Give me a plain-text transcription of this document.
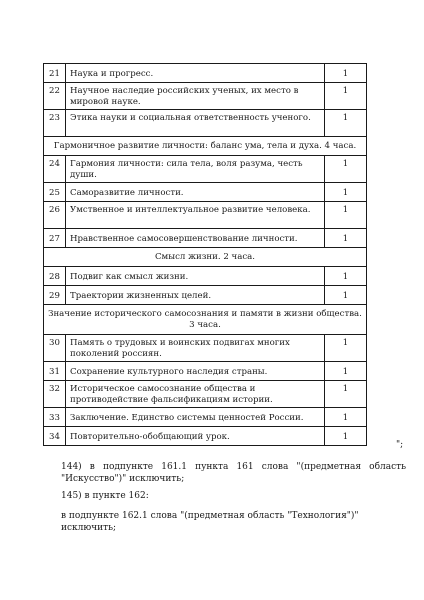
21	Наука и прогресс.	1
22	Научное наследие российских ученых, их место в мировой науке.	1
23	Этика науки и социальная ответственность ученого.	1
Гармоничное развитие личности: баланс ума, тела и духа. 4 часа.		
24	Гармония личности: сила тела, воля разума, честь души.	1
25	Саморазвитие личности.	1
26	Умственное и интеллектуальное развитие человека.	1
27	Нравственное самосовершенствование личности.	1
Смысл жизни. 2 часа.		
28	Подвиг как смысл жизни.	1
29	Траектории жизненных целей.	1
Значение исторического самосознания и памяти в жизни общества. 3 часа.		
30	Память о трудовых и воинских подвигах многих поколений россиян.	1
31	Сохранение культурного наследия страны.	1
32	Историческое самосознание общества и противодействие фальсификациям истории.	1
33	Заключение. Единство системы ценностей России.	1
34	Повторительно-обобщающий урок.	1
";

144) в подпункте 161.1 пункта 161 слова "(предметная область "Искусство")" исключить;

145) в пункте 162:

в подпункте 162.1 слова "(предметная область "Технология")" исключить;
